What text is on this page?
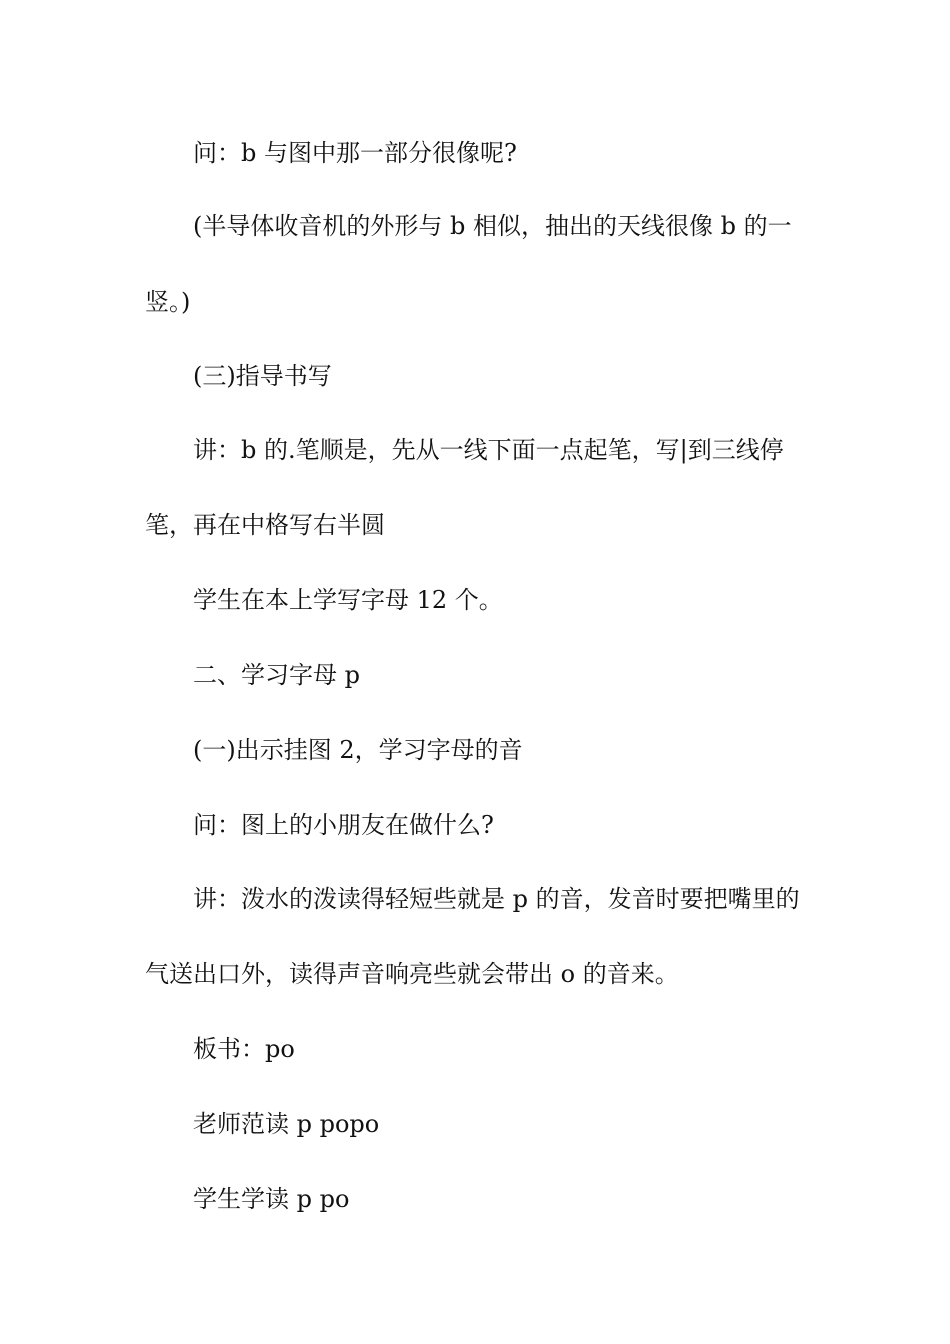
问：b 与图中那一部分很像呢?
(半导体收音机的外形与 b 相似，抽出的天线很像 b 的一
竖。)
(三)指导书写
讲：b 的.笔顺是，先从一线下面一点起笔，写|到三线停
笔，再在中格写右半圆
学生在本上学写字母 12 个。
二、学习字母 p
(一)出示挂图 2，学习字母的音
问：图上的小朋友在做什么?
讲：泼水的泼读得轻短些就是 p 的音，发音时要把嘴里的
气送出口外，读得声音响亮些就会带出 o 的音来。
板书：po
老师范读 p popo
学生学读 p po
